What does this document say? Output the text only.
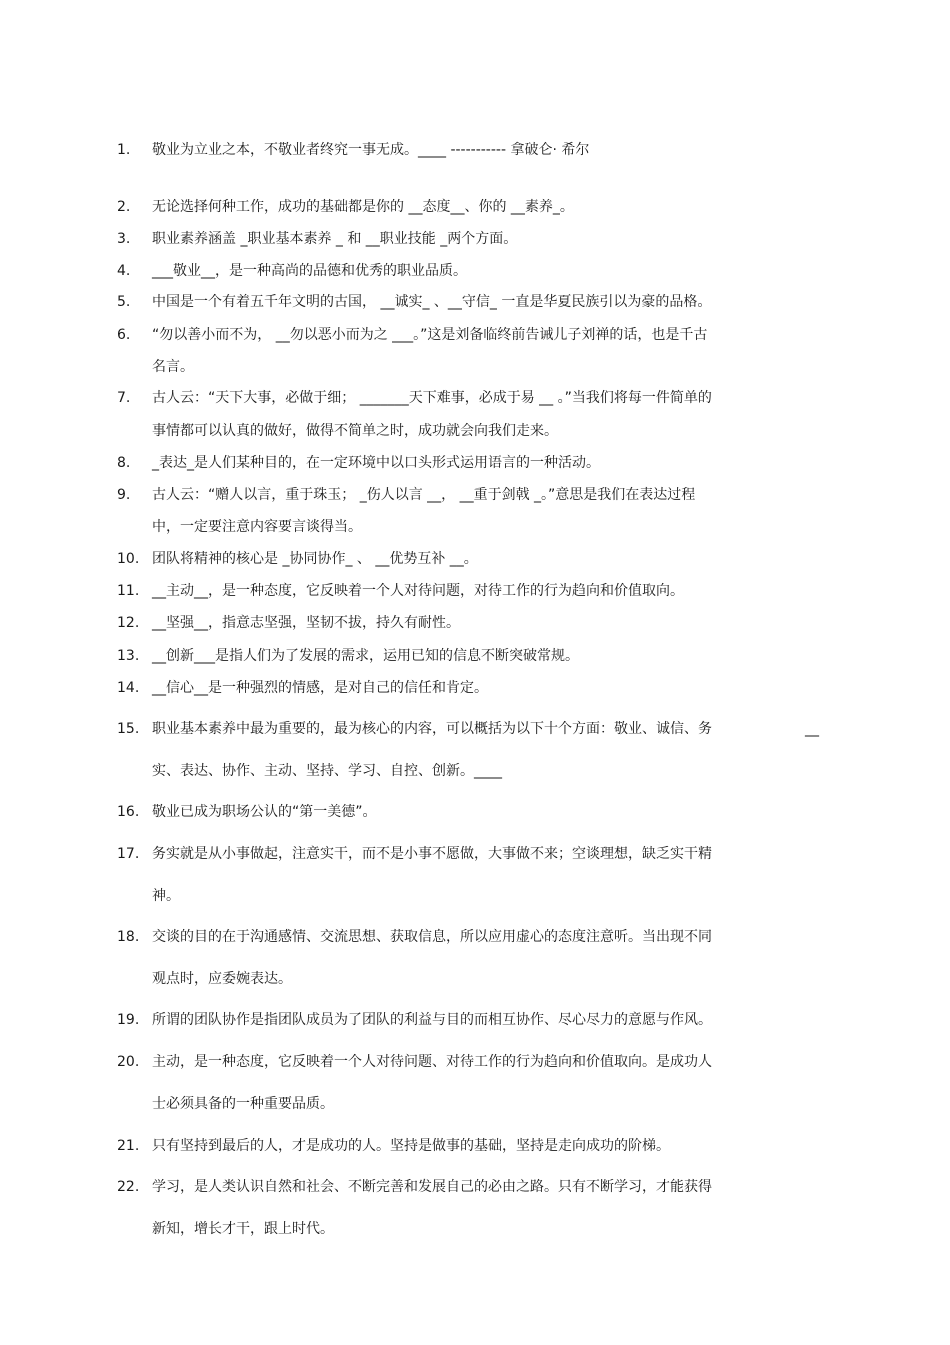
1. 敬业为立业之本，不敬业者终究一事无成。____ ----------- 拿破仑· 希尔
2. 无论选择何种工作，成功的基础都是你的 __态度__、你的 __素养_。
3. 职业素养涵盖 _职业基本素养 _ 和 __职业技能 _两个方面。
4. ___敬业__，是一种高尚的品德和优秀的职业品质。
5. 中国是一个有着五千年文明的古国， __诚实_ 、__守信_ 一直是华夏民族引以为豪的品格。
6. “勿以善小而不为， __勿以恶小而为之 ___。”这是刘备临终前告诫儿子刘禅的话，也是千古
名言。
7. 古人云：“天下大事，必做于细； _______天下难事，必成于易 __ 。”当我们将每一件简单的
事情都可以认真的做好，做得不简单之时，成功就会向我们走来。
8. _表达_是人们某种目的，在一定环境中以口头形式运用语言的一种活动。
9. 古人云：“赠人以言，重于珠玉； _伤人以言 __， __重于剑戟 _。”意思是我们在表达过程
中，一定要注意内容要言谈得当。
10. 团队将精神的核心是 _协同协作_ 、 __优势互补 __。
11. __主动__，是一种态度，它反映着一个人对待问题，对待工作的行为趋向和价值取向。
12. __坚强__，指意志坚强，坚韧不拔，持久有耐性。
13. __创新___是指人们为了发展的需求，运用已知的信息不断突破常规。
14. __信心__是一种强烈的情感，是对自己的信任和肯定。
15. 职业基本素养中最为重要的，最为核心的内容，可以概括为以下十个方面：敬业、诚信、务	__
实、表达、协作、主动、坚持、学习、自控、创新。____
16. 敬业已成为职场公认的“第一美德”。
17. 务实就是从小事做起，注意实干，而不是小事不愿做，大事做不来；空谈理想，缺乏实干精
神。
18. 交谈的目的在于沟通感情、交流思想、获取信息，所以应用虚心的态度注意听。当出现不同
观点时，应委婉表达。
19. 所谓的团队协作是指团队成员为了团队的利益与目的而相互协作、尽心尽力的意愿与作风。
20. 主动，是一种态度，它反映着一个人对待问题、对待工作的行为趋向和价值取向。是成功人
士必须具备的一种重要品质。
21. 只有坚持到最后的人，才是成功的人。坚持是做事的基础，坚持是走向成功的阶梯。
22. 学习，是人类认识自然和社会、不断完善和发展自己的必由之路。只有不断学习，才能获得
新知，增长才干，跟上时代。
